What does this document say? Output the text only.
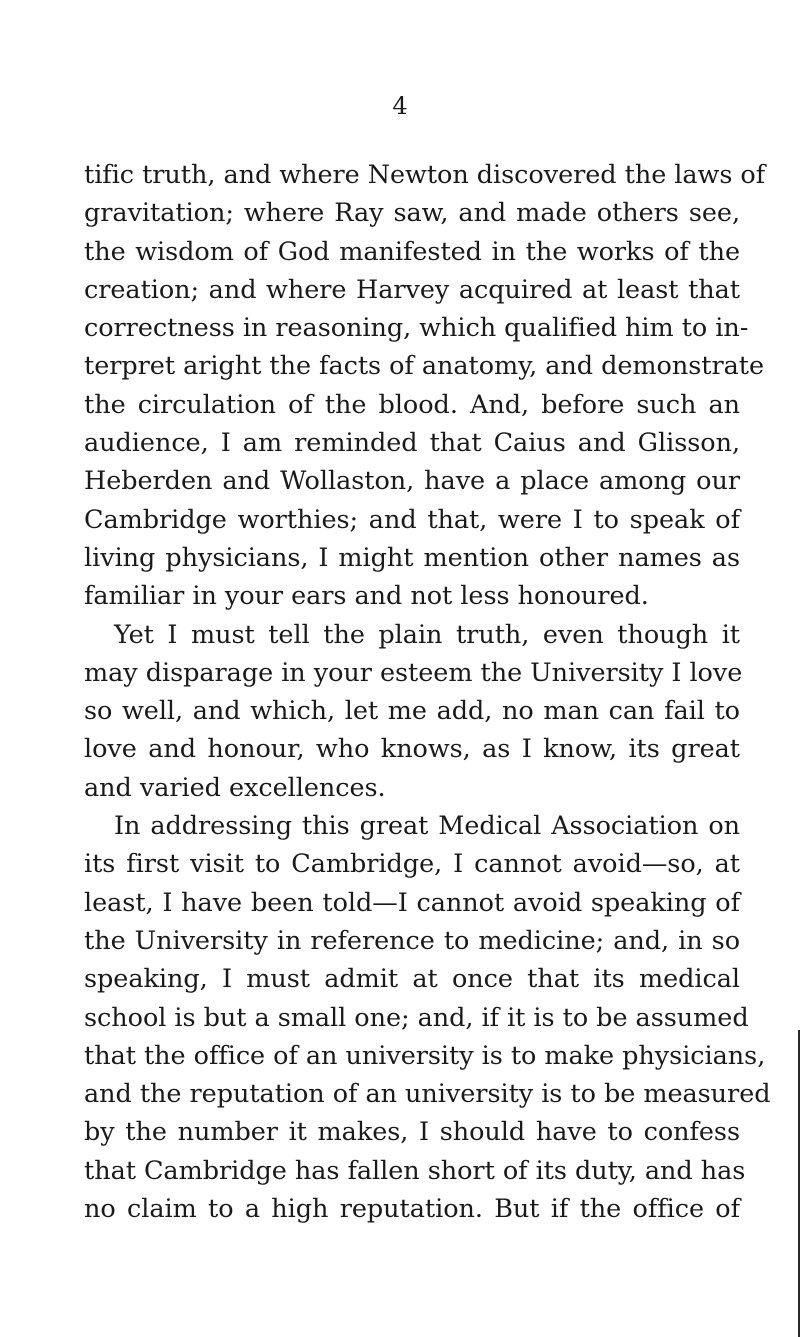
4
tific truth, and where Newton discovered the laws of
gravitation; where Ray saw, and made others see,
the wisdom of God manifested in the works of the
creation; and where Harvey acquired at least that
correctness in reasoning, which qualified him to in-
terpret aright the facts of anatomy, and demonstrate
the circulation of the blood. And, before such an
audience, I am reminded that Caius and Glisson,
Heberden and Wollaston, have a place among our
Cambridge worthies; and that, were I to speak of
living physicians, I might mention other names as
familiar in your ears and not less honoured.
Yet I must tell the plain truth, even though it
may disparage in your esteem the University I love
so well, and which, let me add, no man can fail to
love and honour, who knows, as I know, its great
and varied excellences.
In addressing this great Medical Association on
its first visit to Cambridge, I cannot avoid—so, at
least, I have been told—I cannot avoid speaking of
the University in reference to medicine; and, in so
speaking, I must admit at once that its medical
school is but a small one; and, if it is to be assumed
that the office of an university is to make physicians,
and the reputation of an university is to be measured
by the number it makes, I should have to confess
that Cambridge has fallen short of its duty, and has
no claim to a high reputation. But if the office of
